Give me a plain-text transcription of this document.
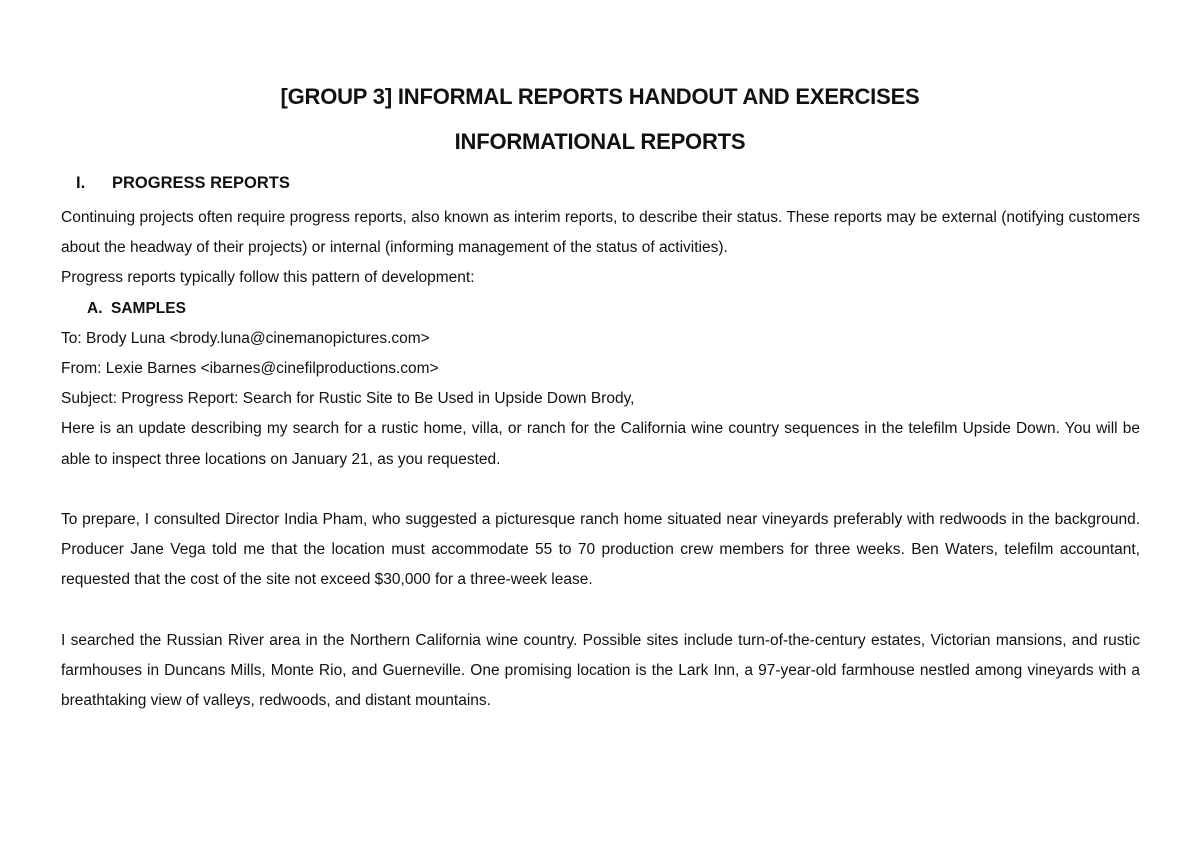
[GROUP 3] INFORMAL REPORTS HANDOUT AND EXERCISES
INFORMATIONAL REPORTS
I. PROGRESS REPORTS

Continuing projects often require progress reports, also known as interim reports, to describe their status. These reports may be external (notifying customers about the headway of their projects) or internal (informing management of the status of activities).

Progress reports typically follow this pattern of development:

A. SAMPLES

To: Brody Luna <brody.luna@cinemanopictures.com>

From: Lexie Barnes <ibarnes@cinefilproductions.com>

Subject: Progress Report: Search for Rustic Site to Be Used in Upside Down Brody,

Here is an update describing my search for a rustic home, villa, or ranch for the California wine country sequences in the telefilm Upside Down. You will be able to inspect three locations on January 21, as you requested.

To prepare, I consulted Director India Pham, who suggested a picturesque ranch home situated near vineyards preferably with redwoods in the background. Producer Jane Vega told me that the location must accommodate 55 to 70 production crew members for three weeks. Ben Waters, telefilm accountant, requested that the cost of the site not exceed $30,000 for a three-week lease.

I searched the Russian River area in the Northern California wine country. Possible sites include turn-of-the-century estates, Victorian mansions, and rustic farmhouses in Duncans Mills, Monte Rio, and Guerneville. One promising location is the Lark Inn, a 97-year-old farmhouse nestled among vineyards with a breathtaking view of valleys, redwoods, and distant mountains.
